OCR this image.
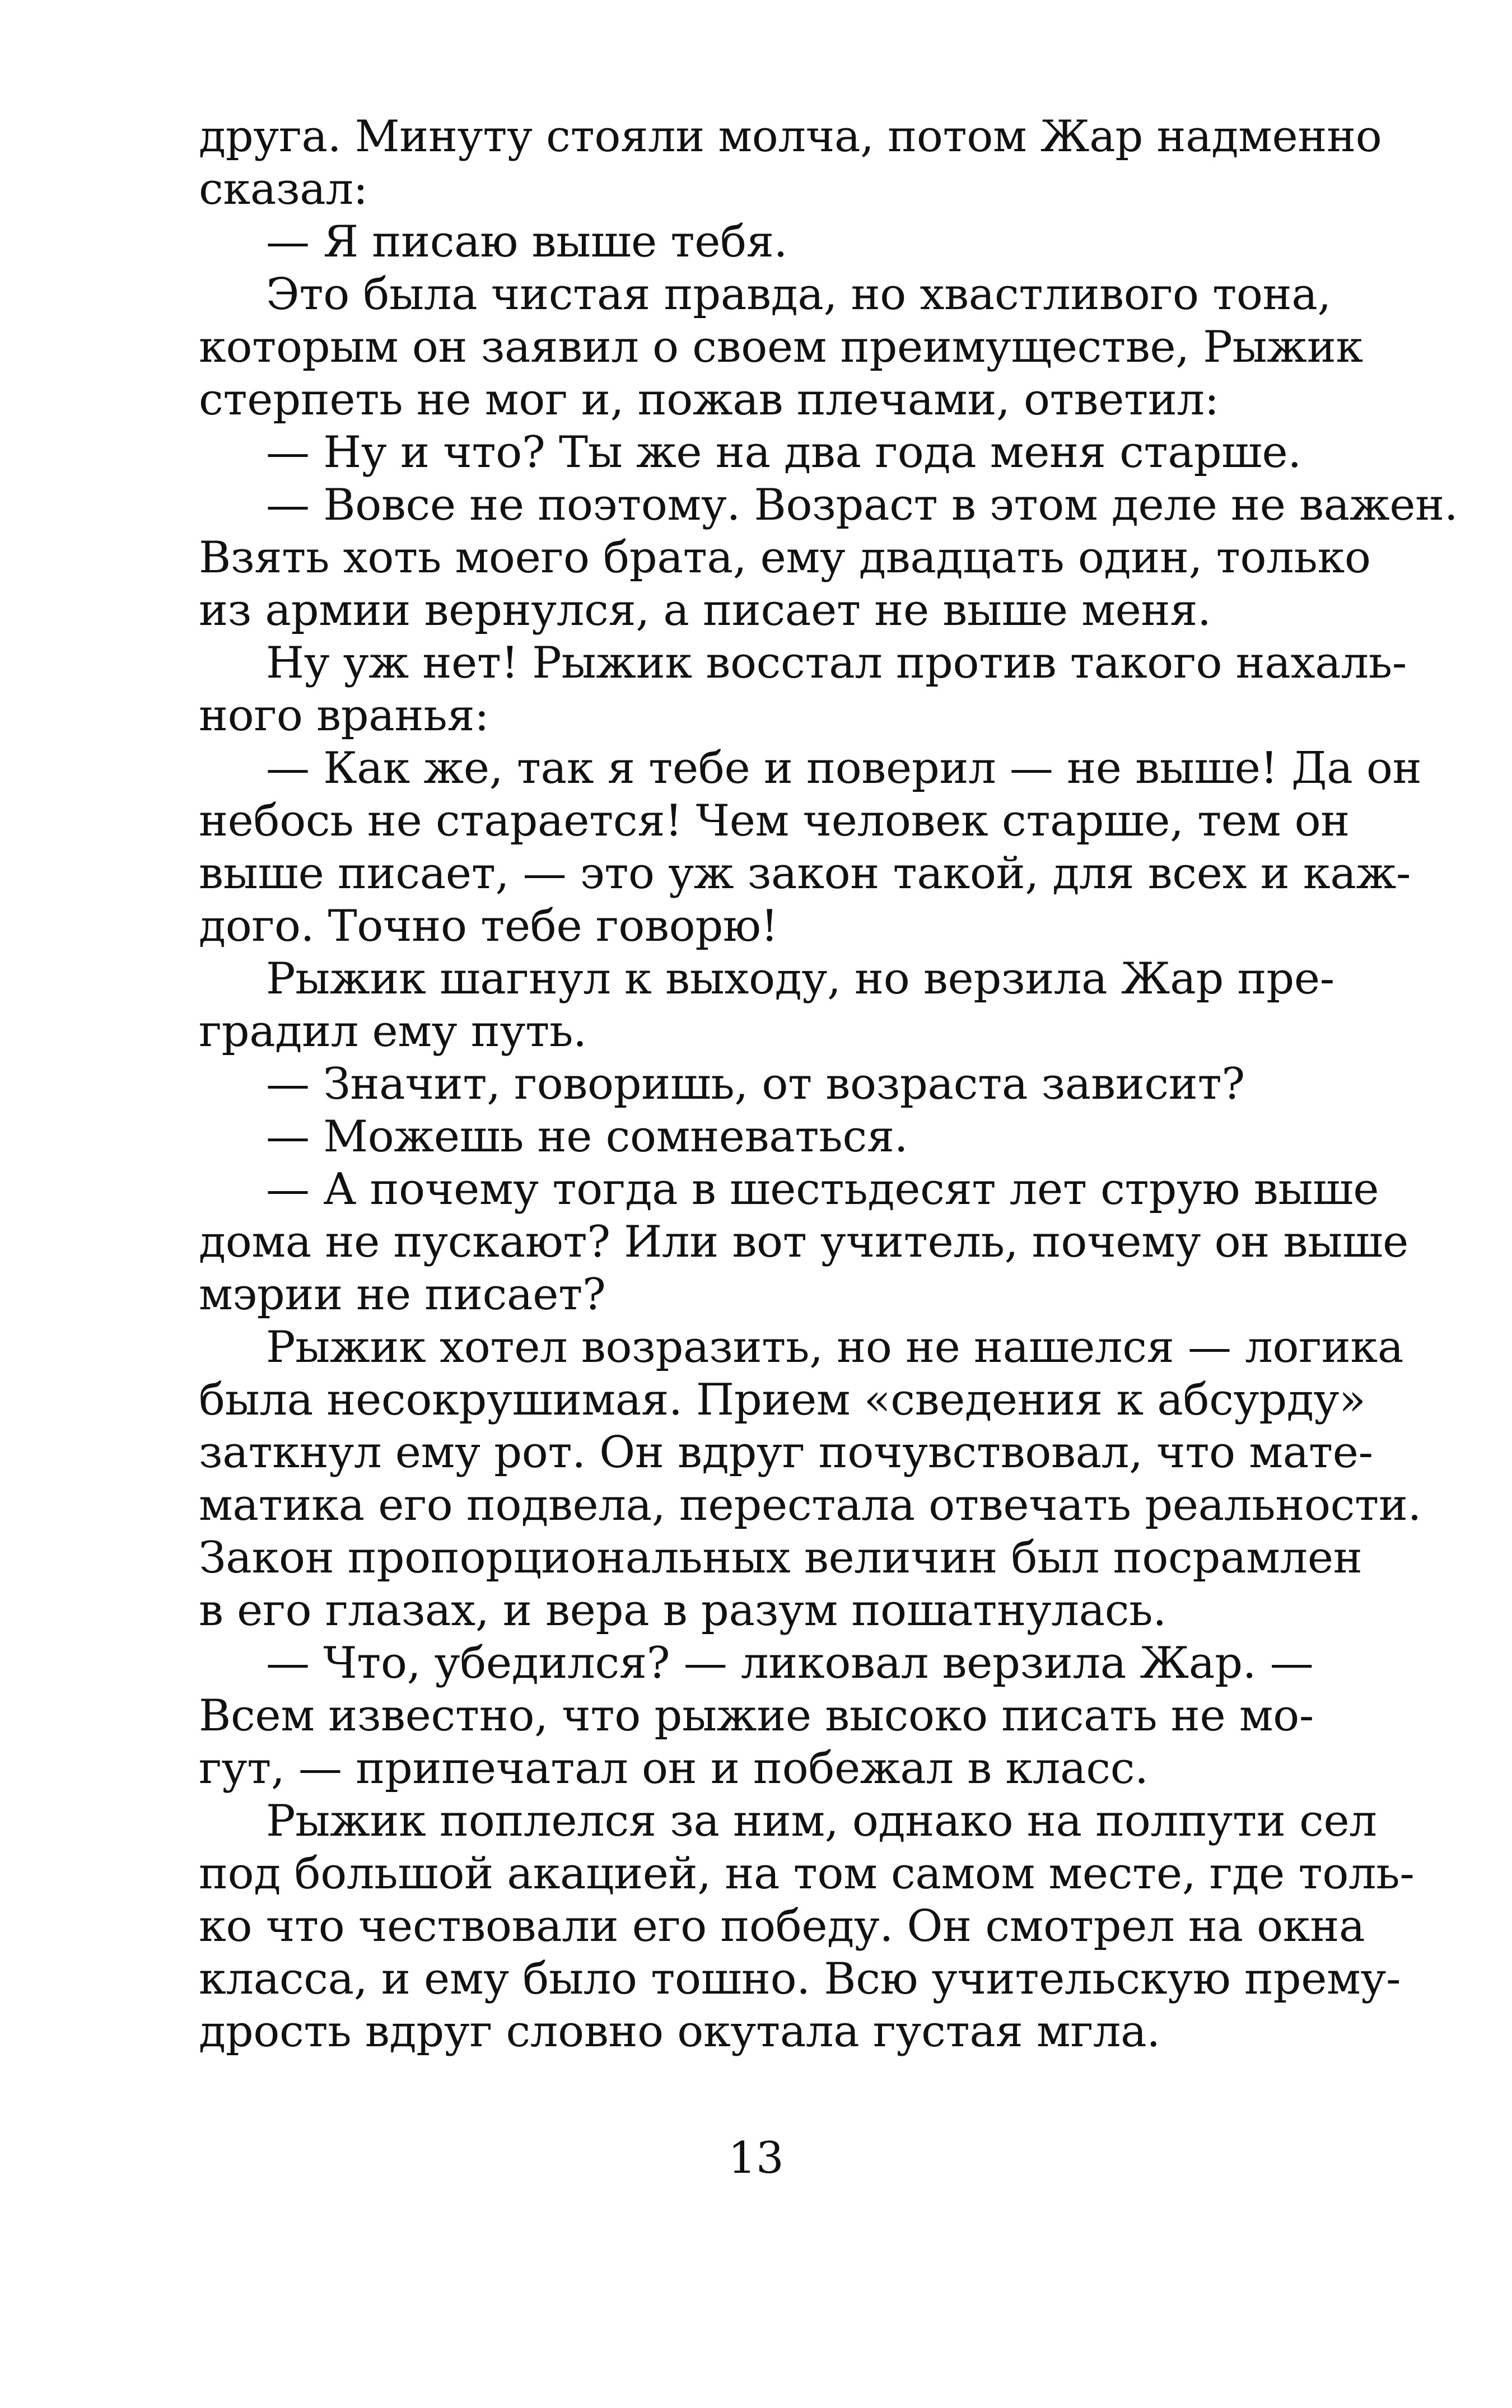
друга. Минуту стояли молча, потом Жар надменно
сказал:
— Я писаю выше тебя.
Это была чистая правда, но хвастливого тона,
которым он заявил о своем преимуществе, Рыжик
стерпеть не мог и, пожав плечами, ответил:
— Ну и что? Ты же на два года меня старше.
— Вовсе не поэтому. Возраст в этом деле не важен.
Взять хоть моего брата, ему двадцать один, только
из армии вернулся, а писает не выше меня.
Ну уж нет! Рыжик восстал против такого нахаль-
ного вранья:
— Как же, так я тебе и поверил — не выше! Да он
небось не старается! Чем человек старше, тем он
выше писает, — это уж закон такой, для всех и каж-
дого. Точно тебе говорю!
Рыжик шагнул к выходу, но верзила Жар пре-
градил ему путь.
— Значит, говоришь, от возраста зависит?
— Можешь не сомневаться.
— А почему тогда в шестьдесят лет струю выше
дома не пускают? Или вот учитель, почему он выше
мэрии не писает?
Рыжик хотел возразить, но не нашелся — логика
была несокрушимая. Прием «сведения к абсурду»
заткнул ему рот. Он вдруг почувствовал, что мате-
матика его подвела, перестала отвечать реальности.
Закон пропорциональных величин был посрамлен
в его глазах, и вера в разум пошатнулась.
— Что, убедился? — ликовал верзила Жар. —
Всем известно, что рыжие высоко писать не мо-
гут, — припечатал он и побежал в класс.
Рыжик поплелся за ним, однако на полпути сел
под большой акацией, на том самом месте, где толь-
ко что чествовали его победу. Он смотрел на окна
класса, и ему было тошно. Всю учительскую прему-
дрость вдруг словно окутала густая мгла.
13
